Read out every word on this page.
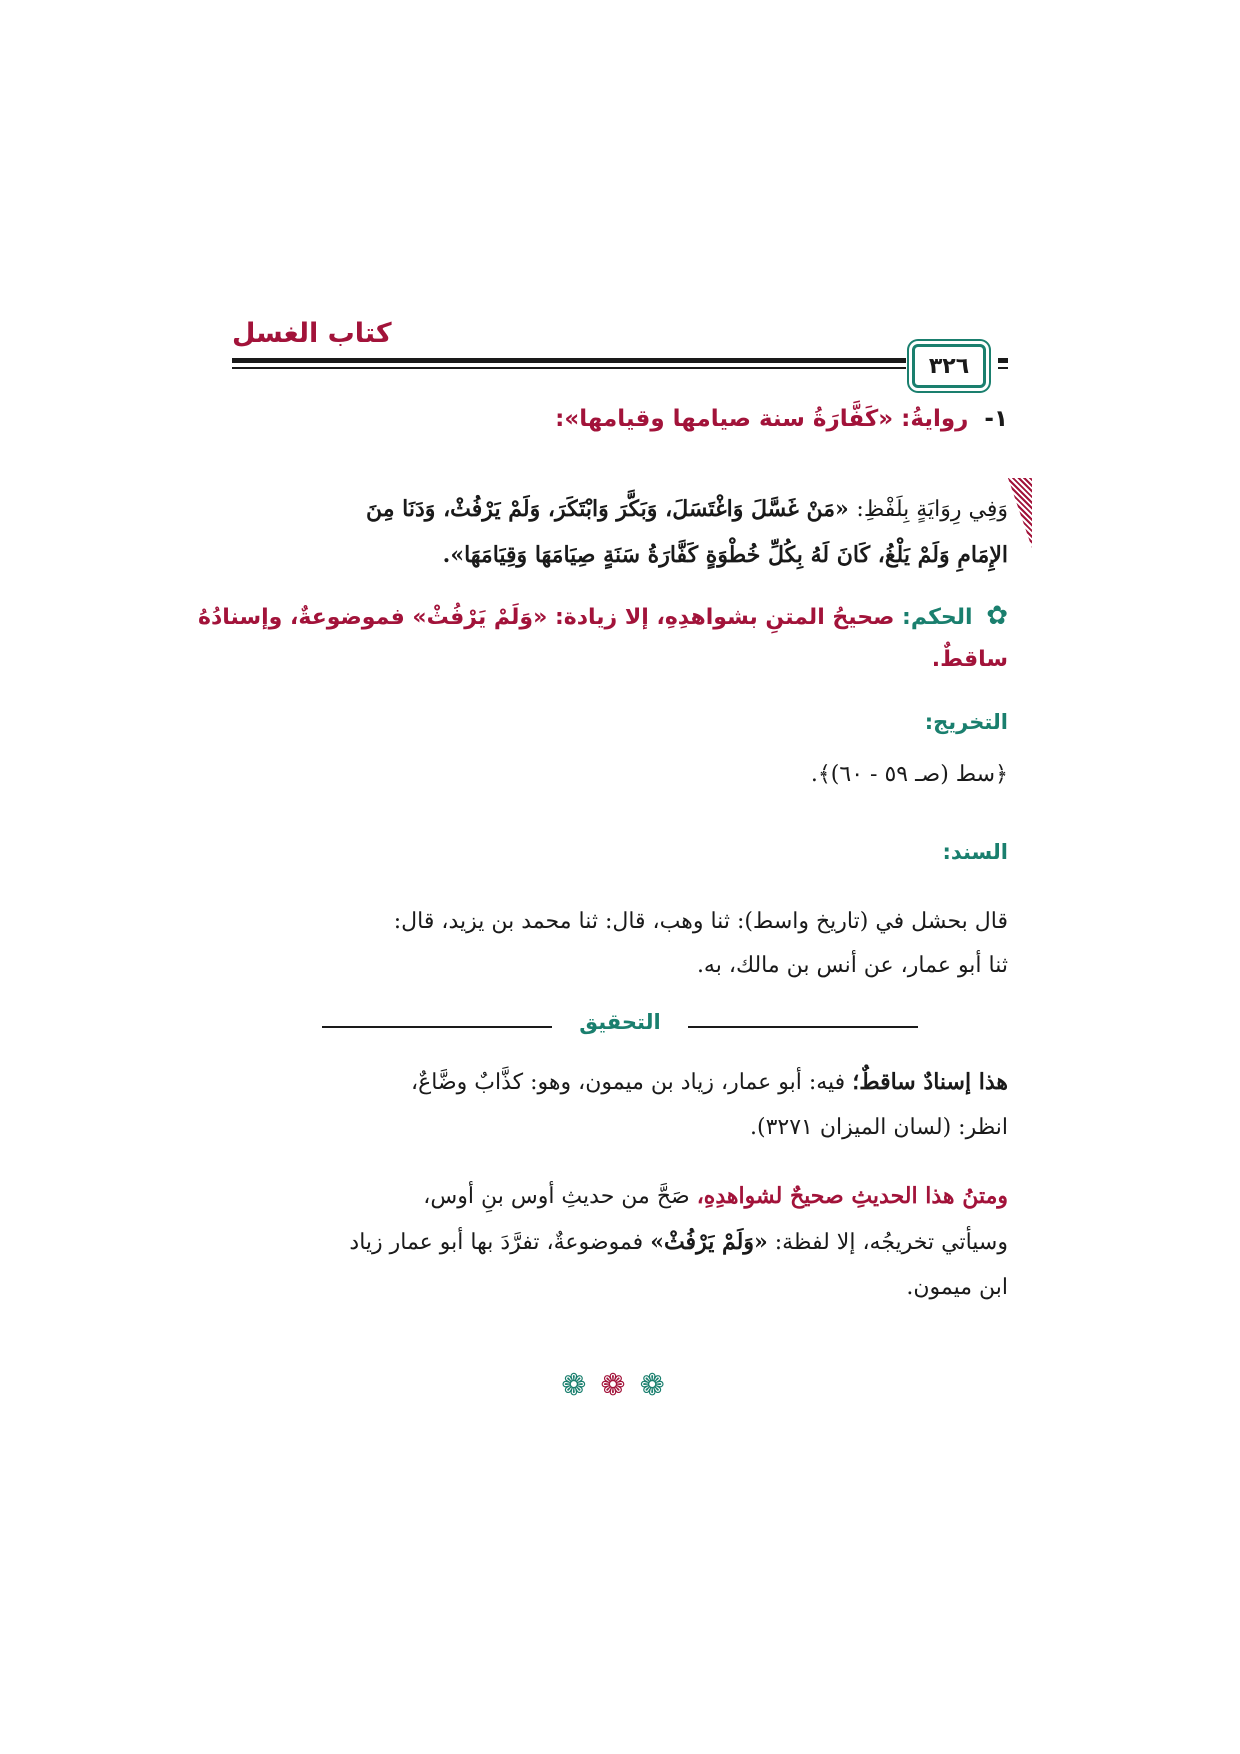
كتاب الغسل
٣٢٦
١- روايةُ: «كَفَّارَةُ سنة صيامها وقيامها»:
وَفِي رِوَايَةٍ بِلَفْظِ: «مَنْ غَسَّلَ وَاغْتَسَلَ، وَبَكَّرَ وَابْتَكَرَ، وَلَمْ يَرْفُثْ، وَدَنَا مِنَ
الإِمَامِ وَلَمْ يَلْغُ، كَانَ لَهُ بِكُلِّ خُطْوَةٍ كَفَّارَةُ سَنَةٍ صِيَامَهَا وَقِيَامَهَا».
✿ الحكم: صحيحُ المتنِ بشواهدِهِ، إلا زيادة: «وَلَمْ يَرْفُثْ» فموضوعةٌ، وإسنادُهُ
ساقطٌ.
التخريج:
﴿سط (صـ ٥٩ - ٦٠)﴾.
السند:
قال بحشل في (تاريخ واسط): ثنا وهب، قال: ثنا محمد بن يزيد، قال:
ثنا أبو عمار، عن أنس بن مالك، به.
التحقيق
هذا إسنادٌ ساقطٌ؛ فيه: أبو عمار، زياد بن ميمون، وهو: كذَّابٌ وضَّاعٌ،
انظر: (لسان الميزان ٣٢٧١).
ومتنُ هذا الحديثِ صحيحٌ لشواهدِهِ، صَحَّ من حديثِ أوس بنِ أوس،
وسيأتي تخريجُه، إلا لفظة: «وَلَمْ يَرْفُثْ» فموضوعةٌ، تفرَّدَ بها أبو عمار زياد
ابن ميمون.
❁❁❁
